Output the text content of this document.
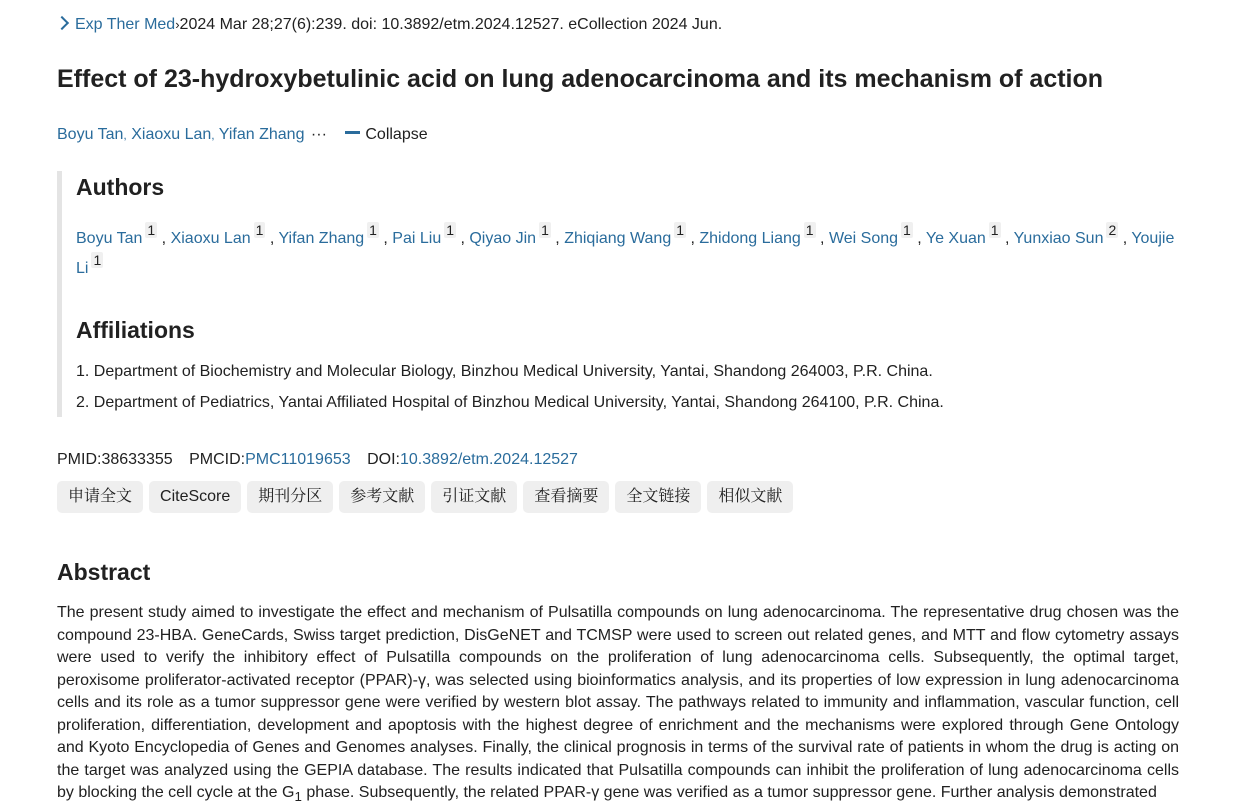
Exp Ther Med›2024 Mar 28;27(6):239. doi: 10.3892/etm.2024.12527. eCollection 2024 Jun.
Effect of 23-hydroxybetulinic acid on lung adenocarcinoma and its mechanism of action
Boyu Tan, Xiaoxu Lan, Yifan Zhang ··· Collapse
Authors
Boyu Tan $^1$ , Xiaoxu Lan $^1$ , Yifan Zhang $^1$ , Pai Liu $^1$ , Qiyao Jin $^1$ , Zhiqiang Wang $^1$ , Zhidong Liang $^1$ , Wei Song $^1$ , Ye Xuan $^1$ , Yunxiao Sun $^2$ , Youjie Li $^1$
Affiliations
1. Department of Biochemistry and Molecular Biology, Binzhou Medical University, Yantai, Shandong 264003, P.R. China.
2. Department of Pediatrics, Yantai Affiliated Hospital of Binzhou Medical University, Yantai, Shandong 264100, P.R. China.
PMID:38633355 PMCID:PMC11019653 DOI:10.3892/etm.2024.12527
申请全文	CiteScore	期刊分区	参考文献	引证文献	查看摘要	全文链接	相似文献
Abstract

The present study aimed to investigate the effect and mechanism of Pulsatilla compounds on lung adenocarcinoma. The representative drug chosen was the compound 23-HBA. GeneCards, Swiss target prediction, DisGeNET and TCMSP were used to screen out related genes, and MTT and flow cytometry assays were used to verify the inhibitory effect of Pulsatilla compounds on the proliferation of lung adenocarcinoma cells. Subsequently, the optimal target, peroxisome proliferator-activated receptor (PPAR)-γ, was selected using bioinformatics analysis, and its properties of low expression in lung adenocarcinoma cells and its role as a tumor suppressor gene were verified by western blot assay. The pathways related to immunity and inflammation, vascular function, cell proliferation, differentiation, development and apoptosis with the highest degree of enrichment and the mechanisms were explored through Gene Ontology and Kyoto Encyclopedia of Genes and Genomes analyses. Finally, the clinical prognosis in terms of the survival rate of patients in whom the drug is acting on the target was analyzed using the GEPIA database. The results indicated that Pulsatilla compounds can inhibit the proliferation of lung adenocarcinoma cells by blocking the cell cycle at the $G_1$ phase. Subsequently, the related PPAR-γ gene was verified as a tumor suppressor gene. Further analysis demonstrated
